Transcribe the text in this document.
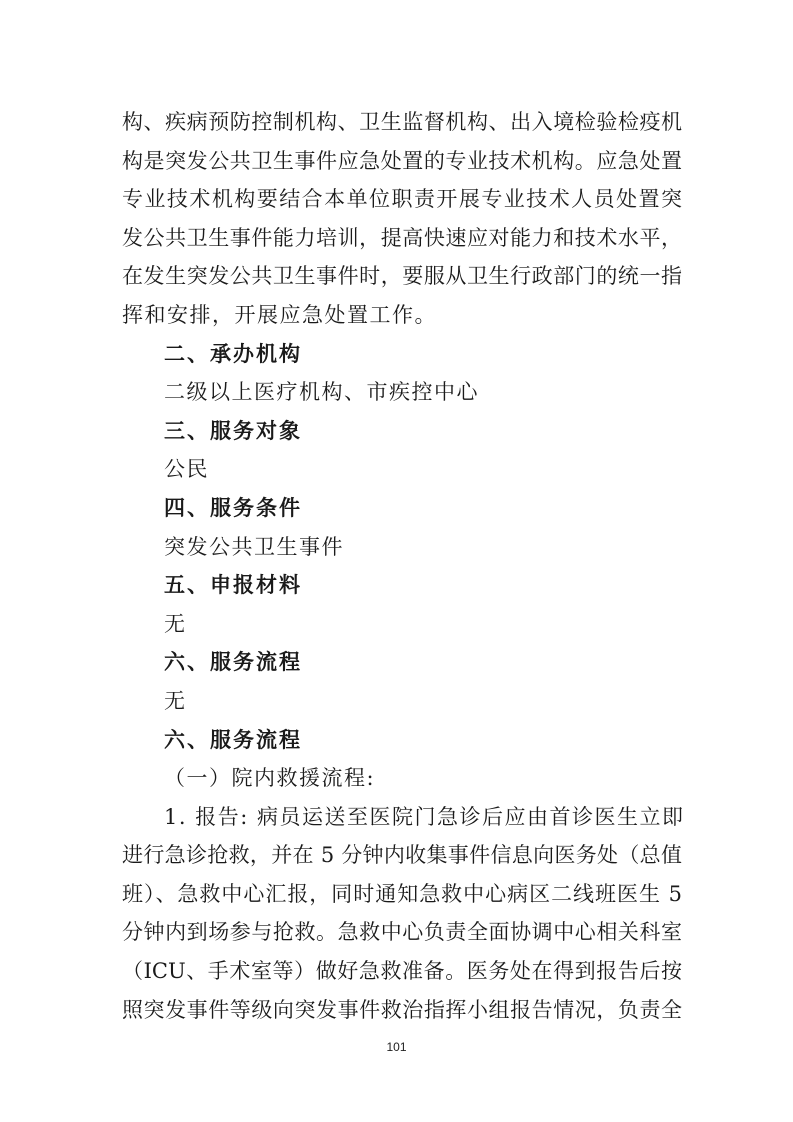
构、疾病预防控制机构、卫生监督机构、出入境检验检疫机
构是突发公共卫生事件应急处置的专业技术机构。应急处置
专业技术机构要结合本单位职责开展专业技术人员处置突
发公共卫生事件能力培训，提高快速应对能力和技术水平，
在发生突发公共卫生事件时，要服从卫生行政部门的统一指
挥和安排，开展应急处置工作。
二、承办机构
二级以上医疗机构、市疾控中心
三、服务对象
公民
四、服务条件
突发公共卫生事件
五、申报材料
无
六、服务流程
无
六、服务流程
（一）院内救援流程:
1. 报告: 病员运送至医院门急诊后应由首诊医生立即
进行急诊抢救，并在 5 分钟内收集事件信息向医务处（总值
班）、急救中心汇报，同时通知急救中心病区二线班医生 5
分钟内到场参与抢救。急救中心负责全面协调中心相关科室
（ICU、手术室等）做好急救准备。医务处在得到报告后按
照突发事件等级向突发事件救治指挥小组报告情况，负责全
101
